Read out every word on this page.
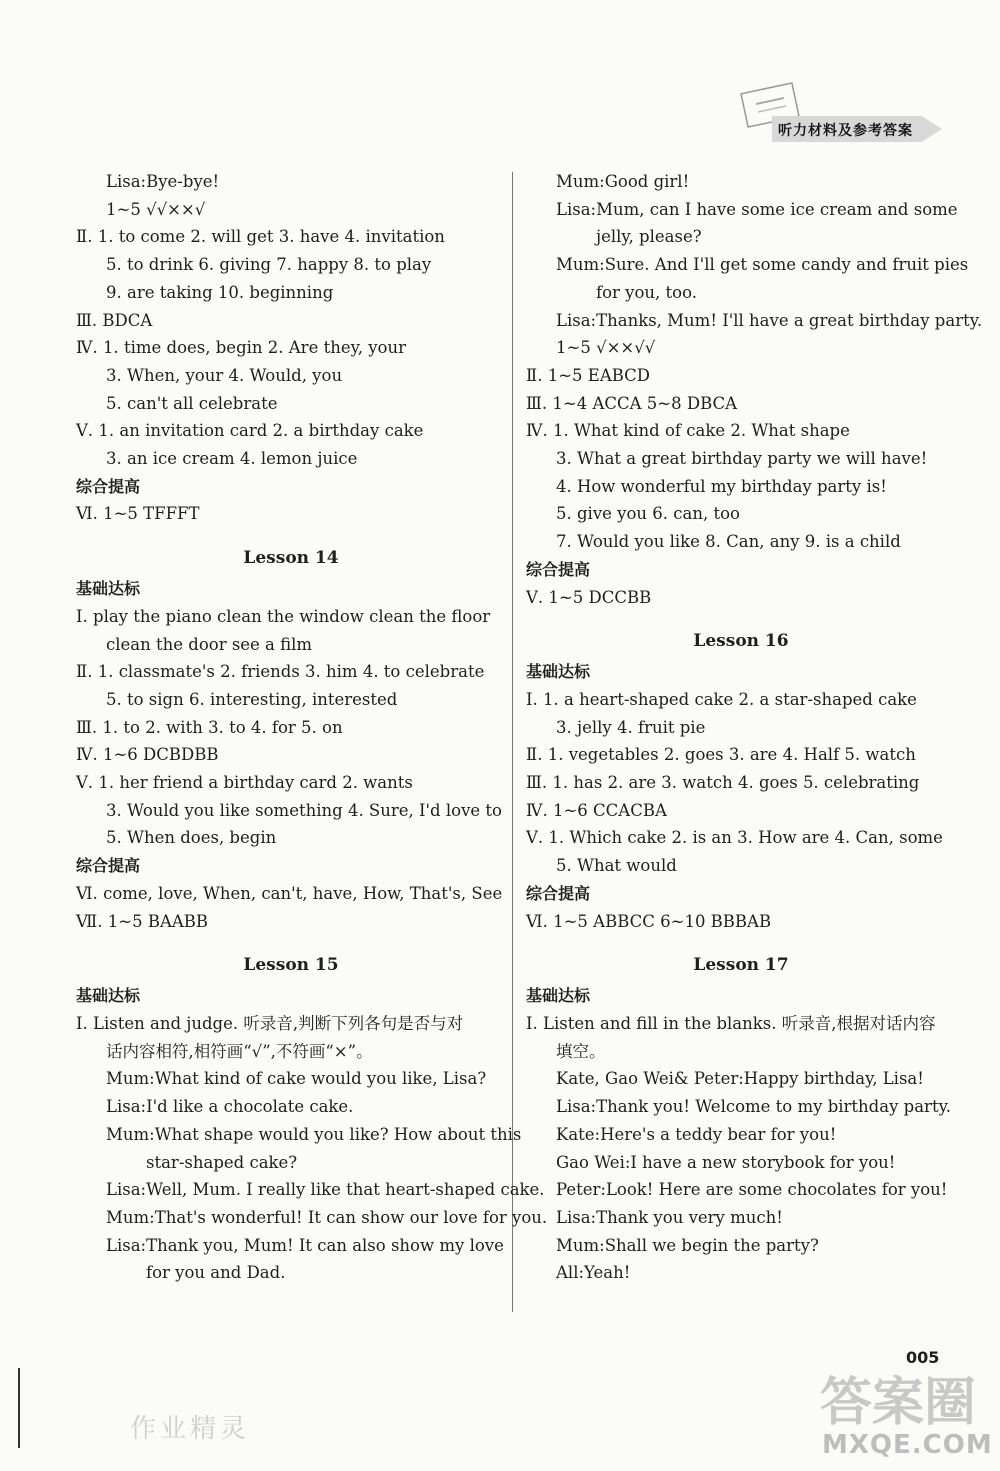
听力材料及参考答案
Lisa:Bye-bye!
1~5 √√××√
Ⅱ. 1. to come 2. will get 3. have 4. invitation
5. to drink 6. giving 7. happy 8. to play
9. are taking 10. beginning
Ⅲ. BDCA
Ⅳ. 1. time does, begin 2. Are they, your
3. When, your 4. Would, you
5. can't all celebrate
Ⅴ. 1. an invitation card 2. a birthday cake
3. an ice cream 4. lemon juice
综合提高
Ⅵ. 1~5 TFFFT
Lesson 14
基础达标
Ⅰ. play the piano clean the window clean the floor
clean the door see a film
Ⅱ. 1. classmate's 2. friends 3. him 4. to celebrate
5. to sign 6. interesting, interested
Ⅲ. 1. to 2. with 3. to 4. for 5. on
Ⅳ. 1~6 DCBDBB
Ⅴ. 1. her friend a birthday card 2. wants
3. Would you like something 4. Sure, I'd love to
5. When does, begin
综合提高
Ⅵ. come, love, When, can't, have, How, That's, See
Ⅶ. 1~5 BAABB
Lesson 15
基础达标
Ⅰ. Listen and judge. 听录音,判断下列各句是否与对
话内容相符,相符画“√”,不符画“×”。
Mum:What kind of cake would you like, Lisa?
Lisa:I'd like a chocolate cake.
Mum:What shape would you like? How about this
star-shaped cake?
Lisa:Well, Mum. I really like that heart-shaped cake.
Mum:That's wonderful! It can show our love for you.
Lisa:Thank you, Mum! It can also show my love
for you and Dad.
Mum:Good girl!
Lisa:Mum, can I have some ice cream and some
jelly, please?
Mum:Sure. And I'll get some candy and fruit pies
for you, too.
Lisa:Thanks, Mum! I'll have a great birthday party.
1~5 √××√√
Ⅱ. 1~5 EABCD
Ⅲ. 1~4 ACCA 5~8 DBCA
Ⅳ. 1. What kind of cake 2. What shape
3. What a great birthday party we will have!
4. How wonderful my birthday party is!
5. give you 6. can, too
7. Would you like 8. Can, any 9. is a child
综合提高
Ⅴ. 1~5 DCCBB
Lesson 16
基础达标
Ⅰ. 1. a heart-shaped cake 2. a star-shaped cake
3. jelly 4. fruit pie
Ⅱ. 1. vegetables 2. goes 3. are 4. Half 5. watch
Ⅲ. 1. has 2. are 3. watch 4. goes 5. celebrating
Ⅳ. 1~6 CCACBA
Ⅴ. 1. Which cake 2. is an 3. How are 4. Can, some
5. What would
综合提高
Ⅵ. 1~5 ABBCC 6~10 BBBAB
Lesson 17
基础达标
Ⅰ. Listen and fill in the blanks. 听录音,根据对话内容
填空。
Kate, Gao Wei& Peter:Happy birthday, Lisa!
Lisa:Thank you! Welcome to my birthday party.
Kate:Here's a teddy bear for you!
Gao Wei:I have a new storybook for you!
Peter:Look! Here are some chocolates for you!
Lisa:Thank you very much!
Mum:Shall we begin the party?
All:Yeah!
005
作业精灵	答案圈
MXQE.COM
